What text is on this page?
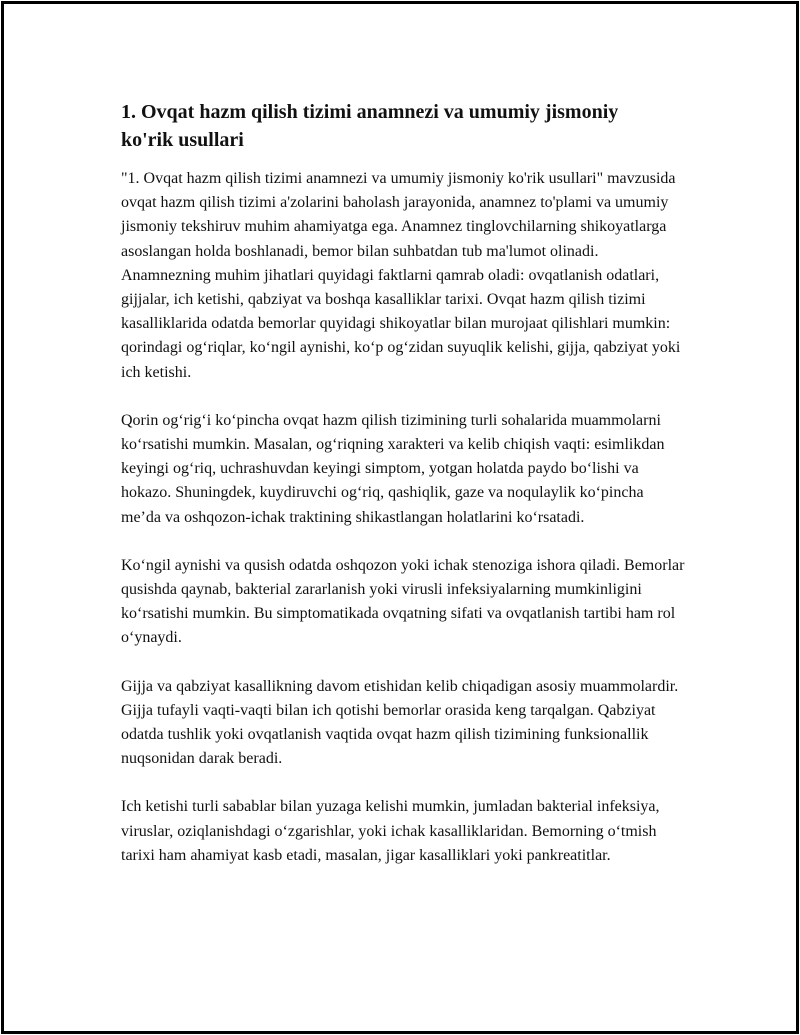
1. Ovqat hazm qilish tizimi anamnezi va umumiy jismoniy ko'rik usullari

"1. Ovqat hazm qilish tizimi anamnezi va umumiy jismoniy ko'rik usullari" mavzusida ovqat hazm qilish tizimi a'zolarini baholash jarayonida, anamnez to'plami va umumiy jismoniy tekshiruv muhim ahamiyatga ega. Anamnez tinglovchilarning shikoyatlarga asoslangan holda boshlanadi, bemor bilan suhbatdan tub ma'lumot olinadi. Anamnezning muhim jihatlari quyidagi faktlarni qamrab oladi: ovqatlanish odatlari, gijjalar, ich ketishi, qabziyat va boshqa kasalliklar tarixi. Ovqat hazm qilish tizimi kasalliklarida odatda bemorlar quyidagi shikoyatlar bilan murojaat qilishlari mumkin: qorindagi og‘riqlar, ko‘ngil aynishi, ko‘p og‘zidan suyuqlik kelishi, gijja, qabziyat yoki ich ketishi.

Qorin og‘rig‘i ko‘pincha ovqat hazm qilish tizimining turli sohalarida muammolarni ko‘rsatishi mumkin. Masalan, og‘riqning xarakteri va kelib chiqish vaqti: esimlikdan keyingi og‘riq, uchrashuvdan keyingi simptom, yotgan holatda paydo bo‘lishi va hokazo. Shuningdek, kuydiruvchi og‘riq, qashiqlik, gaze va noqulaylik ko‘pincha me’da va oshqozon-ichak traktining shikastlangan holatlarini ko‘rsatadi.

Ko‘ngil aynishi va qusish odatda oshqozon yoki ichak stenoziga ishora qiladi. Bemorlar qusishda qaynab, bakterial zararlanish yoki virusli infeksiyalarning mumkinligini ko‘rsatishi mumkin. Bu simptomatikada ovqatning sifati va ovqatlanish tartibi ham rol o‘ynaydi.

Gijja va qabziyat kasallikning davom etishidan kelib chiqadigan asosiy muammolardir. Gijja tufayli vaqti-vaqti bilan ich qotishi bemorlar orasida keng tarqalgan. Qabziyat odatda tushlik yoki ovqatlanish vaqtida ovqat hazm qilish tizimining funksionallik nuqsonidan darak beradi.

Ich ketishi turli sabablar bilan yuzaga kelishi mumkin, jumladan bakterial infeksiya, viruslar, oziqlanishdagi o‘zgarishlar, yoki ichak kasalliklaridan. Bemorning o‘tmish tarixi ham ahamiyat kasb etadi, masalan, jigar kasalliklari yoki pankreatitlar.
